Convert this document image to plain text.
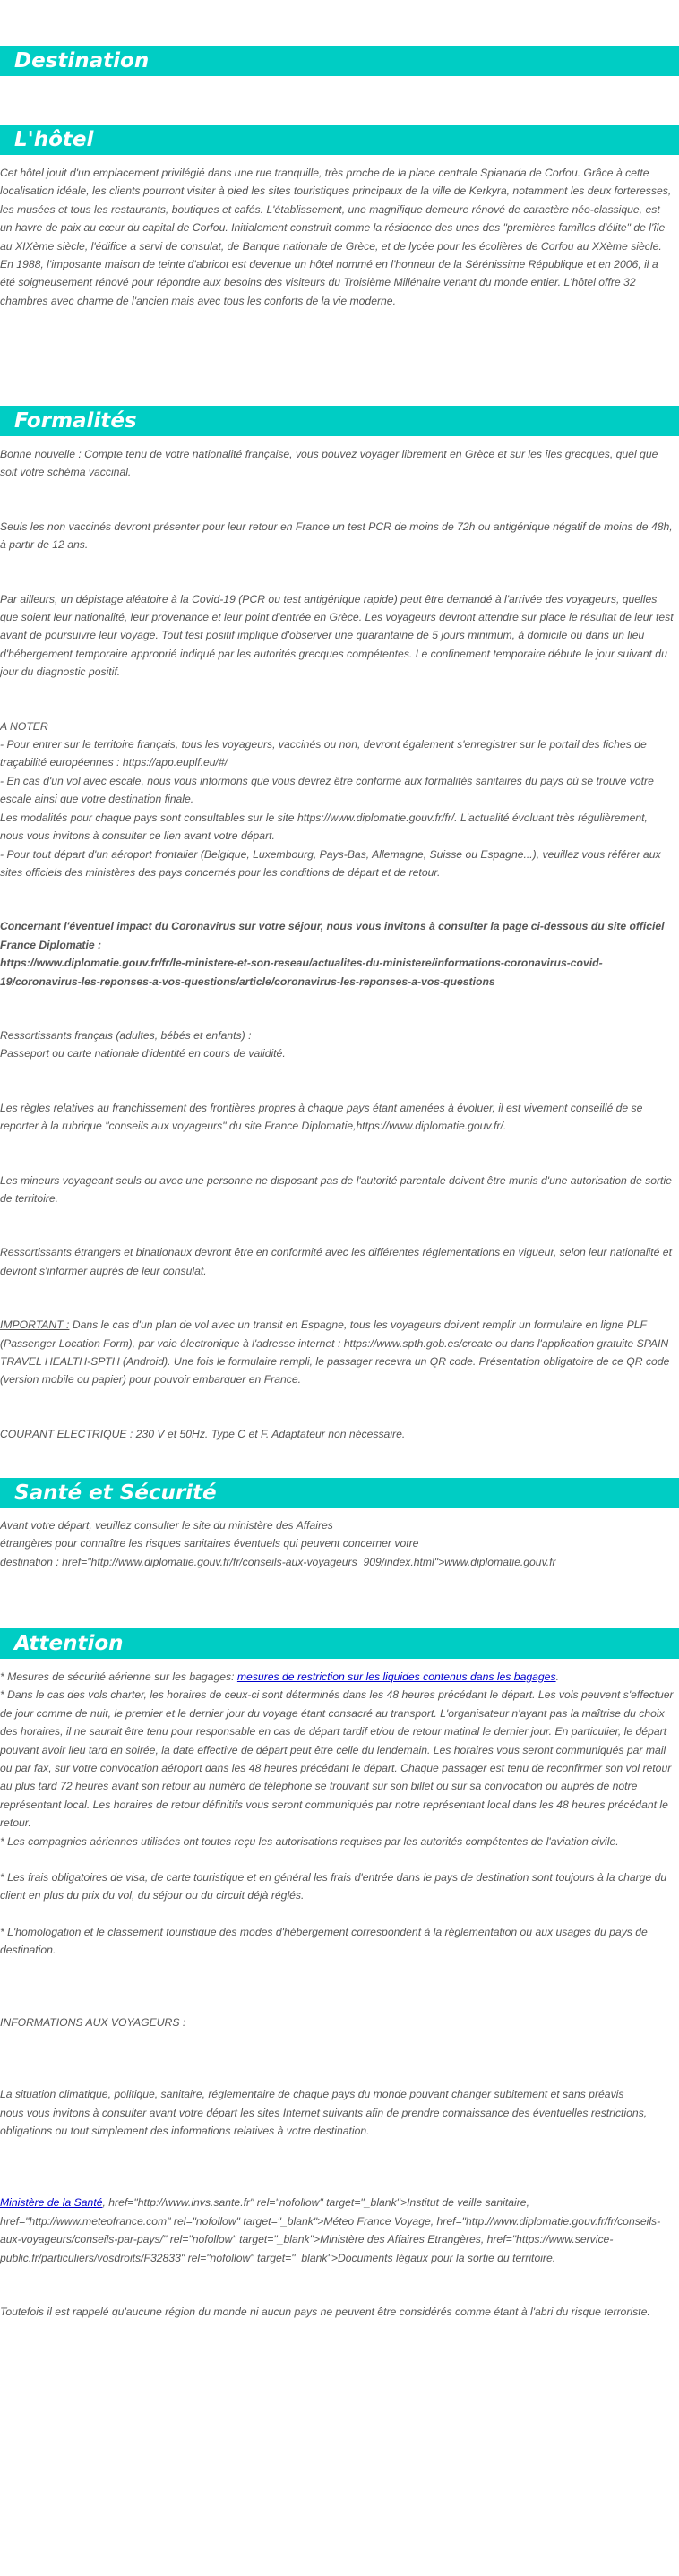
Destination
L'hôtel

Cet hôtel jouit d'un emplacement privilégié dans une rue tranquille, très proche de la place centrale Spianada de Corfou. Grâce à cette localisation idéale, les clients pourront visiter à pied les sites touristiques principaux de la ville de Kerkyra, notamment les deux forteresses, les musées et tous les restaurants, boutiques et cafés. L'établissement, une magnifique demeure rénové de caractère néo-classique, est un havre de paix au cœur du capital de Corfou. Initialement construit comme la résidence des unes des "premières familles d'élite" de l'île au XIXème siècle, l'édifice a servi de consulat, de Banque nationale de Grèce, et de lycée pour les écolières de Corfou au XXème siècle. En 1988, l'imposante maison de teinte d'abricot est devenue un hôtel nommé en l'honneur de la Sérénissime République et en 2006, il a été soigneusement rénové pour répondre aux besoins des visiteurs du Troisième Millénaire venant du monde entier. L'hôtel offre 32 chambres avec charme de l'ancien mais avec tous les conforts de la vie moderne.

Formalités

Bonne nouvelle : Compte tenu de votre nationalité française, vous pouvez voyager librement en Grèce et sur les îles grecques, quel que soit votre schéma vaccinal.

Seuls les non vaccinés devront présenter pour leur retour en France un test PCR de moins de 72h ou antigénique négatif de moins de 48h, à partir de 12 ans.

Par ailleurs, un dépistage aléatoire à la Covid-19 (PCR ou test antigénique rapide) peut être demandé à l'arrivée des voyageurs, quelles que soient leur nationalité, leur provenance et leur point d'entrée en Grèce. Les voyageurs devront attendre sur place le résultat de leur test avant de poursuivre leur voyage. Tout test positif implique d'observer une quarantaine de 5 jours minimum, à domicile ou dans un lieu d'hébergement temporaire approprié indiqué par les autorités grecques compétentes. Le confinement temporaire débute le jour suivant du jour du diagnostic positif.

A NOTER
- Pour entrer sur le territoire français, tous les voyageurs, vaccinés ou non, devront également s'enregistrer sur le portail des fiches de traçabilité européennes : https://app.euplf.eu/#/
- En cas d'un vol avec escale, nous vous informons que vous devrez être conforme aux formalités sanitaires du pays où se trouve votre escale ainsi que votre destination finale.
Les modalités pour chaque pays sont consultables sur le site https://www.diplomatie.gouv.fr/fr/. L'actualité évoluant très régulièrement, nous vous invitons à consulter ce lien avant votre départ.
- Pour tout départ d'un aéroport frontalier (Belgique, Luxembourg, Pays-Bas, Allemagne, Suisse ou Espagne...), veuillez vous référer aux sites officiels des ministères des pays concernés pour les conditions de départ et de retour.

Concernant l'éventuel impact du Coronavirus sur votre séjour, nous vous invitons à consulter la page ci-dessous du site officiel France Diplomatie :
https://www.diplomatie.gouv.fr/fr/le-ministere-et-son-reseau/actualites-du-ministere/informations-coronavirus-covid-19/coronavirus-les-reponses-a-vos-questions/article/coronavirus-les-reponses-a-vos-questions

Ressortissants français (adultes, bébés et enfants) :
Passeport ou carte nationale d'identité en cours de validité.

Les règles relatives au franchissement des frontières propres à chaque pays étant amenées à évoluer, il est vivement conseillé de se reporter à la rubrique "conseils aux voyageurs" du site France Diplomatie,https://www.diplomatie.gouv.fr/.

Les mineurs voyageant seuls ou avec une personne ne disposant pas de l'autorité parentale doivent être munis d'une autorisation de sortie de territoire.

Ressortissants étrangers et binationaux devront être en conformité avec les différentes réglementations en vigueur, selon leur nationalité et devront s'informer auprès de leur consulat.

IMPORTANT : Dans le cas d'un plan de vol avec un transit en Espagne, tous les voyageurs doivent remplir un formulaire en ligne PLF (Passenger Location Form), par voie électronique à l'adresse internet : https://www.spth.gob.es/create ou dans l'application gratuite SPAIN TRAVEL HEALTH-SPTH (Android). Une fois le formulaire rempli, le passager recevra un QR code. Présentation obligatoire de ce QR code (version mobile ou papier) pour pouvoir embarquer en France.

COURANT ELECTRIQUE : 230 V et 50Hz. Type C et F. Adaptateur non nécessaire.

Santé et Sécurité

Avant votre départ, veuillez consulter le site du ministère des Affaires
étrangères pour connaître les risques sanitaires éventuels qui peuvent concerner votre
destination : href="http://www.diplomatie.gouv.fr/fr/conseils-aux-voyageurs_909/index.html">www.diplomatie.gouv.fr

Attention

* Mesures de sécurité aérienne sur les bagages: mesures de restriction sur les liquides contenus dans les bagages.

* Dans le cas des vols charter, les horaires de ceux-ci sont déterminés dans les 48 heures précédant le départ. Les vols peuvent s'effectuer de jour comme de nuit, le premier et le dernier jour du voyage étant consacré au transport. L'organisateur n'ayant pas la maîtrise du choix des horaires, il ne saurait être tenu pour responsable en cas de départ tardif et/ou de retour matinal le dernier jour. En particulier, le départ pouvant avoir lieu tard en soirée, la date effective de départ peut être celle du lendemain. Les horaires vous seront communiqués par mail ou par fax, sur votre convocation aéroport dans les 48 heures précédant le départ. Chaque passager est tenu de reconfirmer son vol retour au plus tard 72 heures avant son retour au numéro de téléphone se trouvant sur son billet ou sur sa convocation ou auprès de notre représentant local. Les horaires de retour définitifs vous seront communiqués par notre représentant local dans les 48 heures précédant le retour.
* Les compagnies aériennes utilisées ont toutes reçu les autorisations requises par les autorités compétentes de l'aviation civile.

* Les frais obligatoires de visa, de carte touristique et en général les frais d'entrée dans le pays de destination sont toujours à la charge du client en plus du prix du vol, du séjour ou du circuit déjà réglés.

* L'homologation et le classement touristique des modes d'hébergement correspondent à la réglementation ou aux usages du pays de destination.

INFORMATIONS AUX VOYAGEURS :

La situation climatique, politique, sanitaire, réglementaire de chaque pays du monde pouvant changer subitement et sans préavis
nous vous invitons à consulter avant votre départ les sites Internet suivants afin de prendre connaissance des éventuelles restrictions, obligations ou tout simplement des informations relatives à votre destination.

Ministère de la Santé, href="http://www.invs.sante.fr" rel="nofollow" target="_blank">Institut de veille sanitaire, href="http://www.meteofrance.com" rel="nofollow" target="_blank">Méteo France Voyage, href="http://www.diplomatie.gouv.fr/fr/conseils-aux-voyageurs/conseils-par-pays/" rel="nofollow" target="_blank">Ministère des Affaires Etrangères, href="https://www.service-public.fr/particuliers/vosdroits/F32833" rel="nofollow" target="_blank">Documents légaux pour la sortie du territoire.

Toutefois il est rappelé qu'aucune région du monde ni aucun pays ne peuvent être considérés comme étant à l'abri du risque terroriste.
